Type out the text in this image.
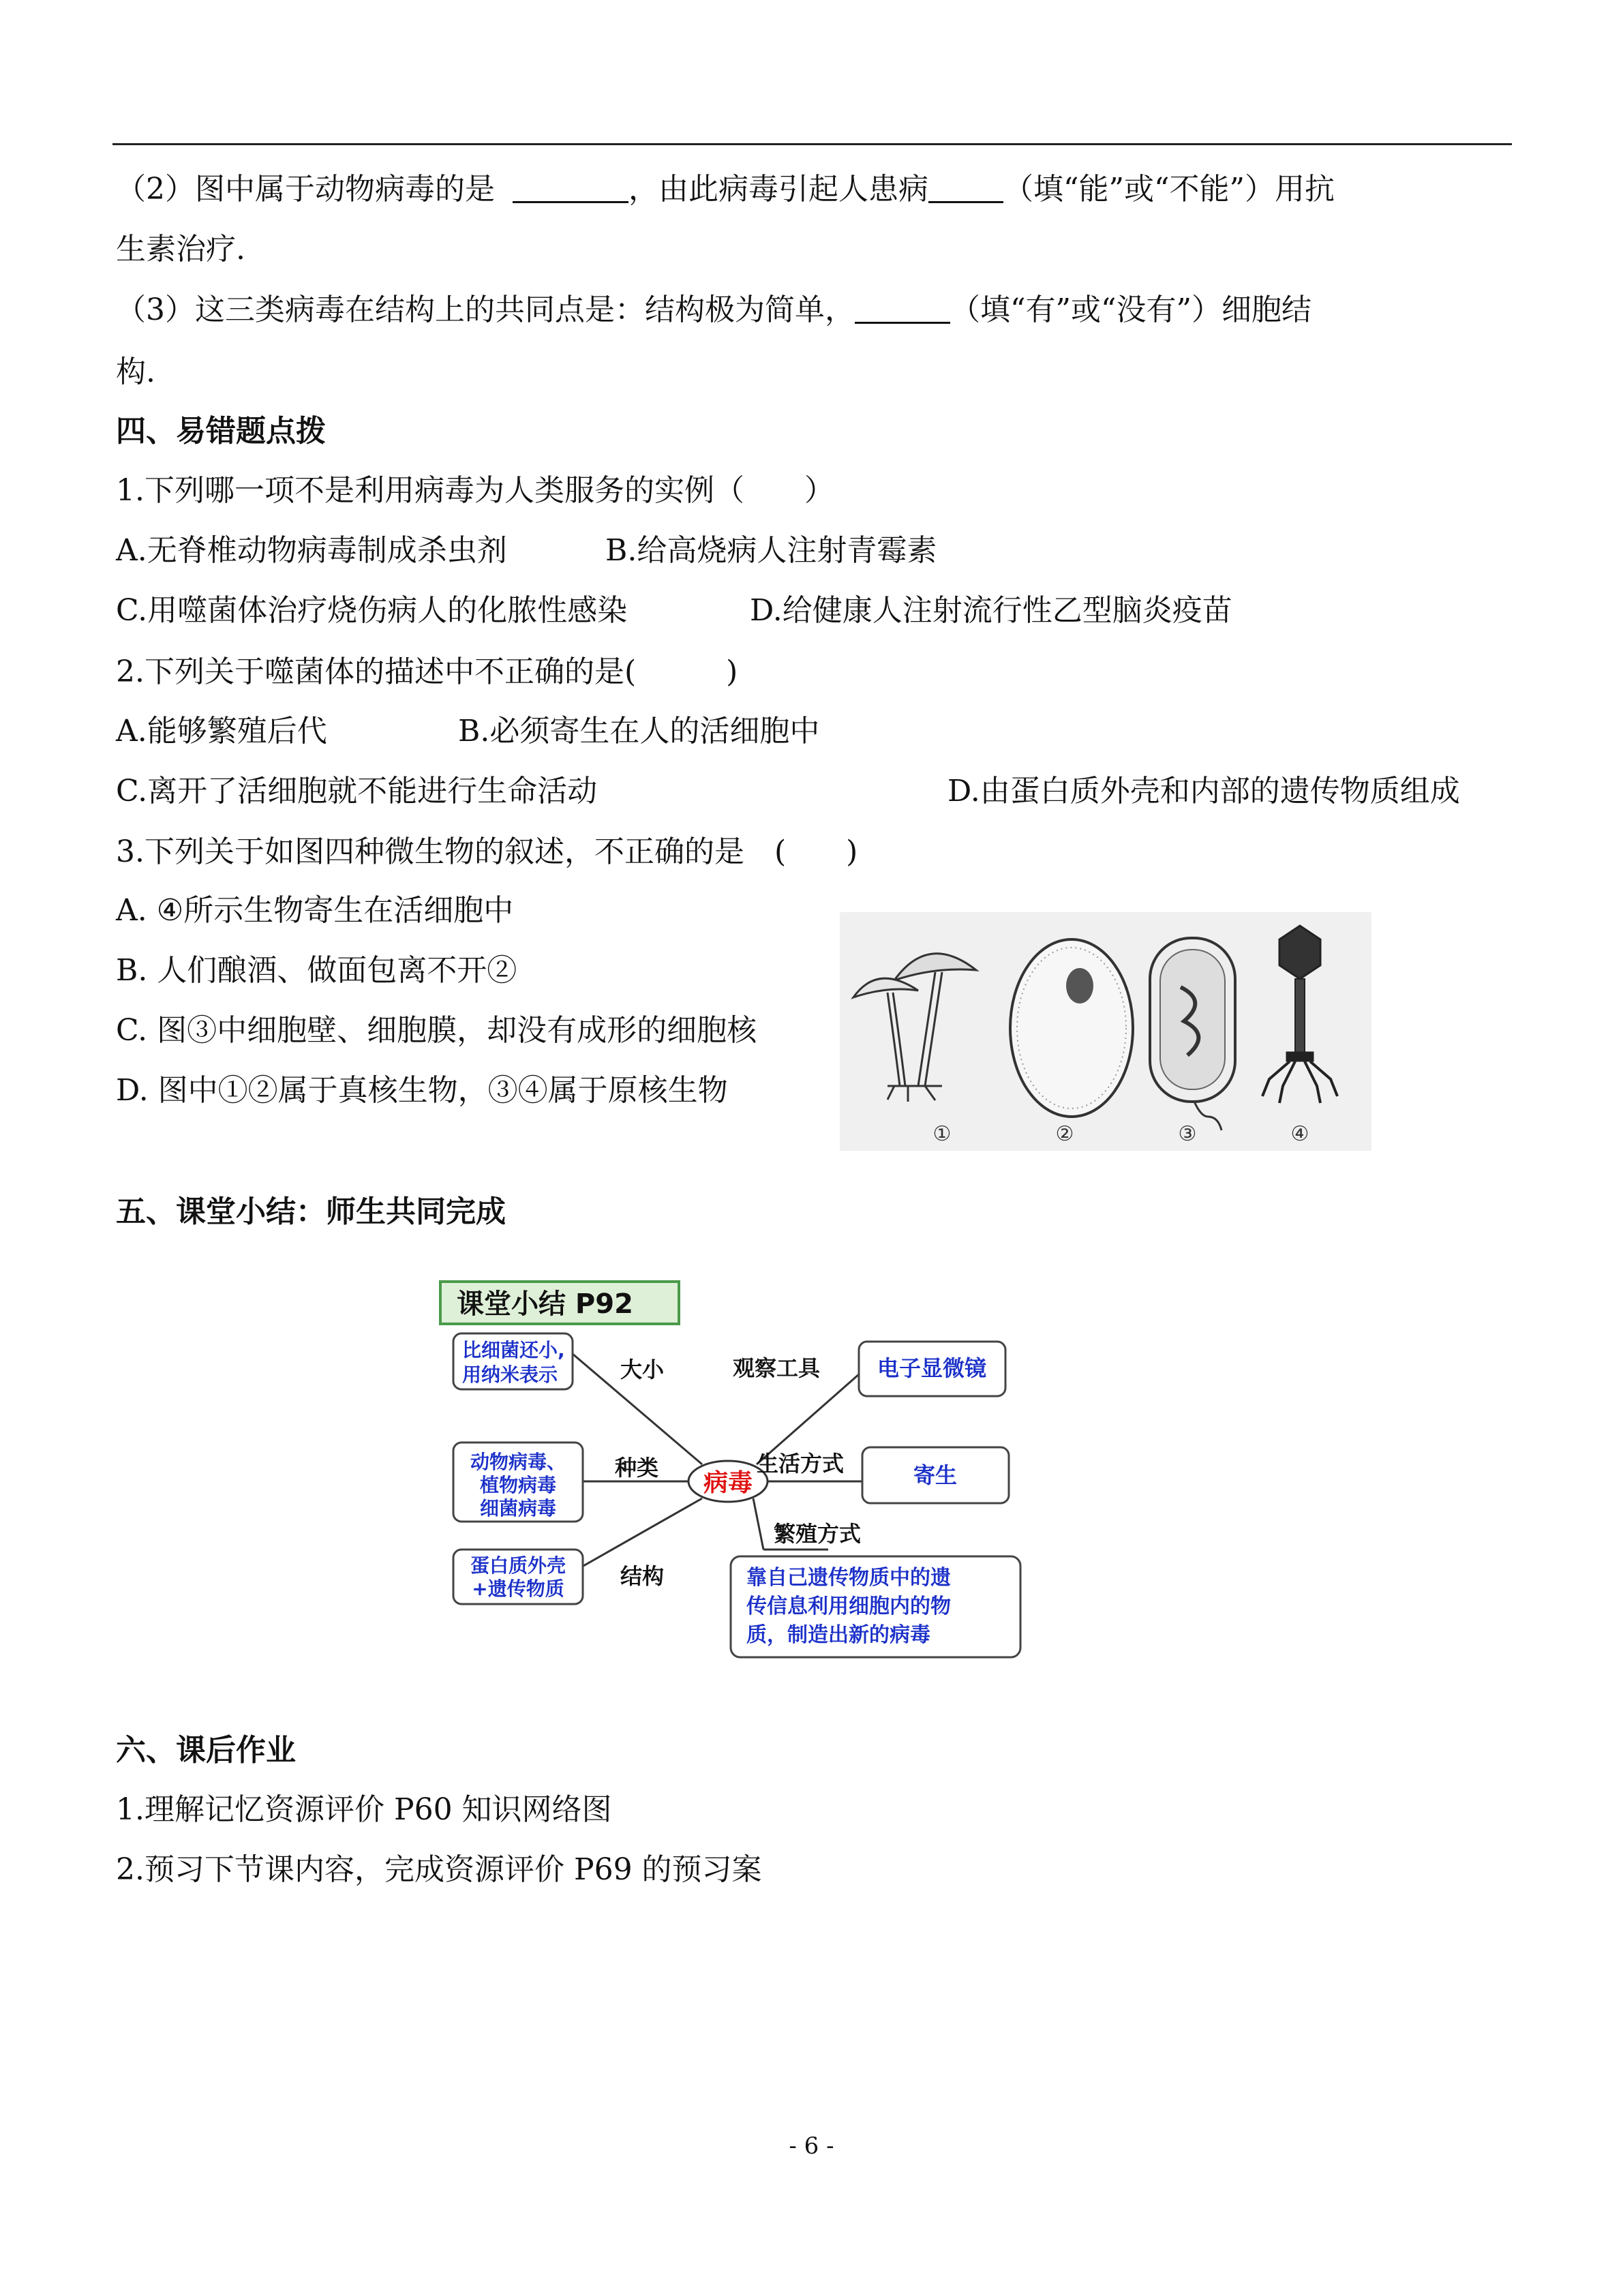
（2）图中属于动物病毒的是	，由此病毒引起人患病	（填“能”或“不能”）用抗
生素治疗.
（3）这三类病毒在结构上的共同点是：结构极为简单，	（填“有”或“没有”）细胞结
构.
四、易错题点拨
1.下列哪一项不是利用病毒为人类服务的实例（　　）
A.无脊椎动物病毒制成杀虫剂	B.给高烧病人注射青霉素
C.用噬菌体治疗烧伤病人的化脓性感染	D.给健康人注射流行性乙型脑炎疫苗
2.下列关于噬菌体的描述中不正确的是(　　　)
A.能够繁殖后代	B.必须寄生在人的活细胞中
C.离开了活细胞就不能进行生命活动	D.由蛋白质外壳和内部的遗传物质组成
3.下列关于如图四种微生物的叙述，不正确的是　(　　)
A. ④所示生物寄生在活细胞中
B. 人们酿酒、做面包离不开②
C. 图③中细胞壁、细胞膜，却没有成形的细胞核
D. 图中①②属于真核生物，③④属于原核生物
①	②	③	④
五、课堂小结：师生共同完成
课堂小结 P92
病毒
比细菌还小,
用纳米表示	大小
动物病毒、
植物病毒
细菌病毒
种类
蛋白质外壳
+遗传物质	结构
观察工具	电子显微镜
生活方式	寄生
繁殖方式
靠自己遗传物质中的遗
传信息利用细胞内的物
质，制造出新的病毒
六、课后作业
1.理解记忆资源评价 P60 知识网络图
2.预习下节课内容，完成资源评价 P69 的预习案
- 6 -
